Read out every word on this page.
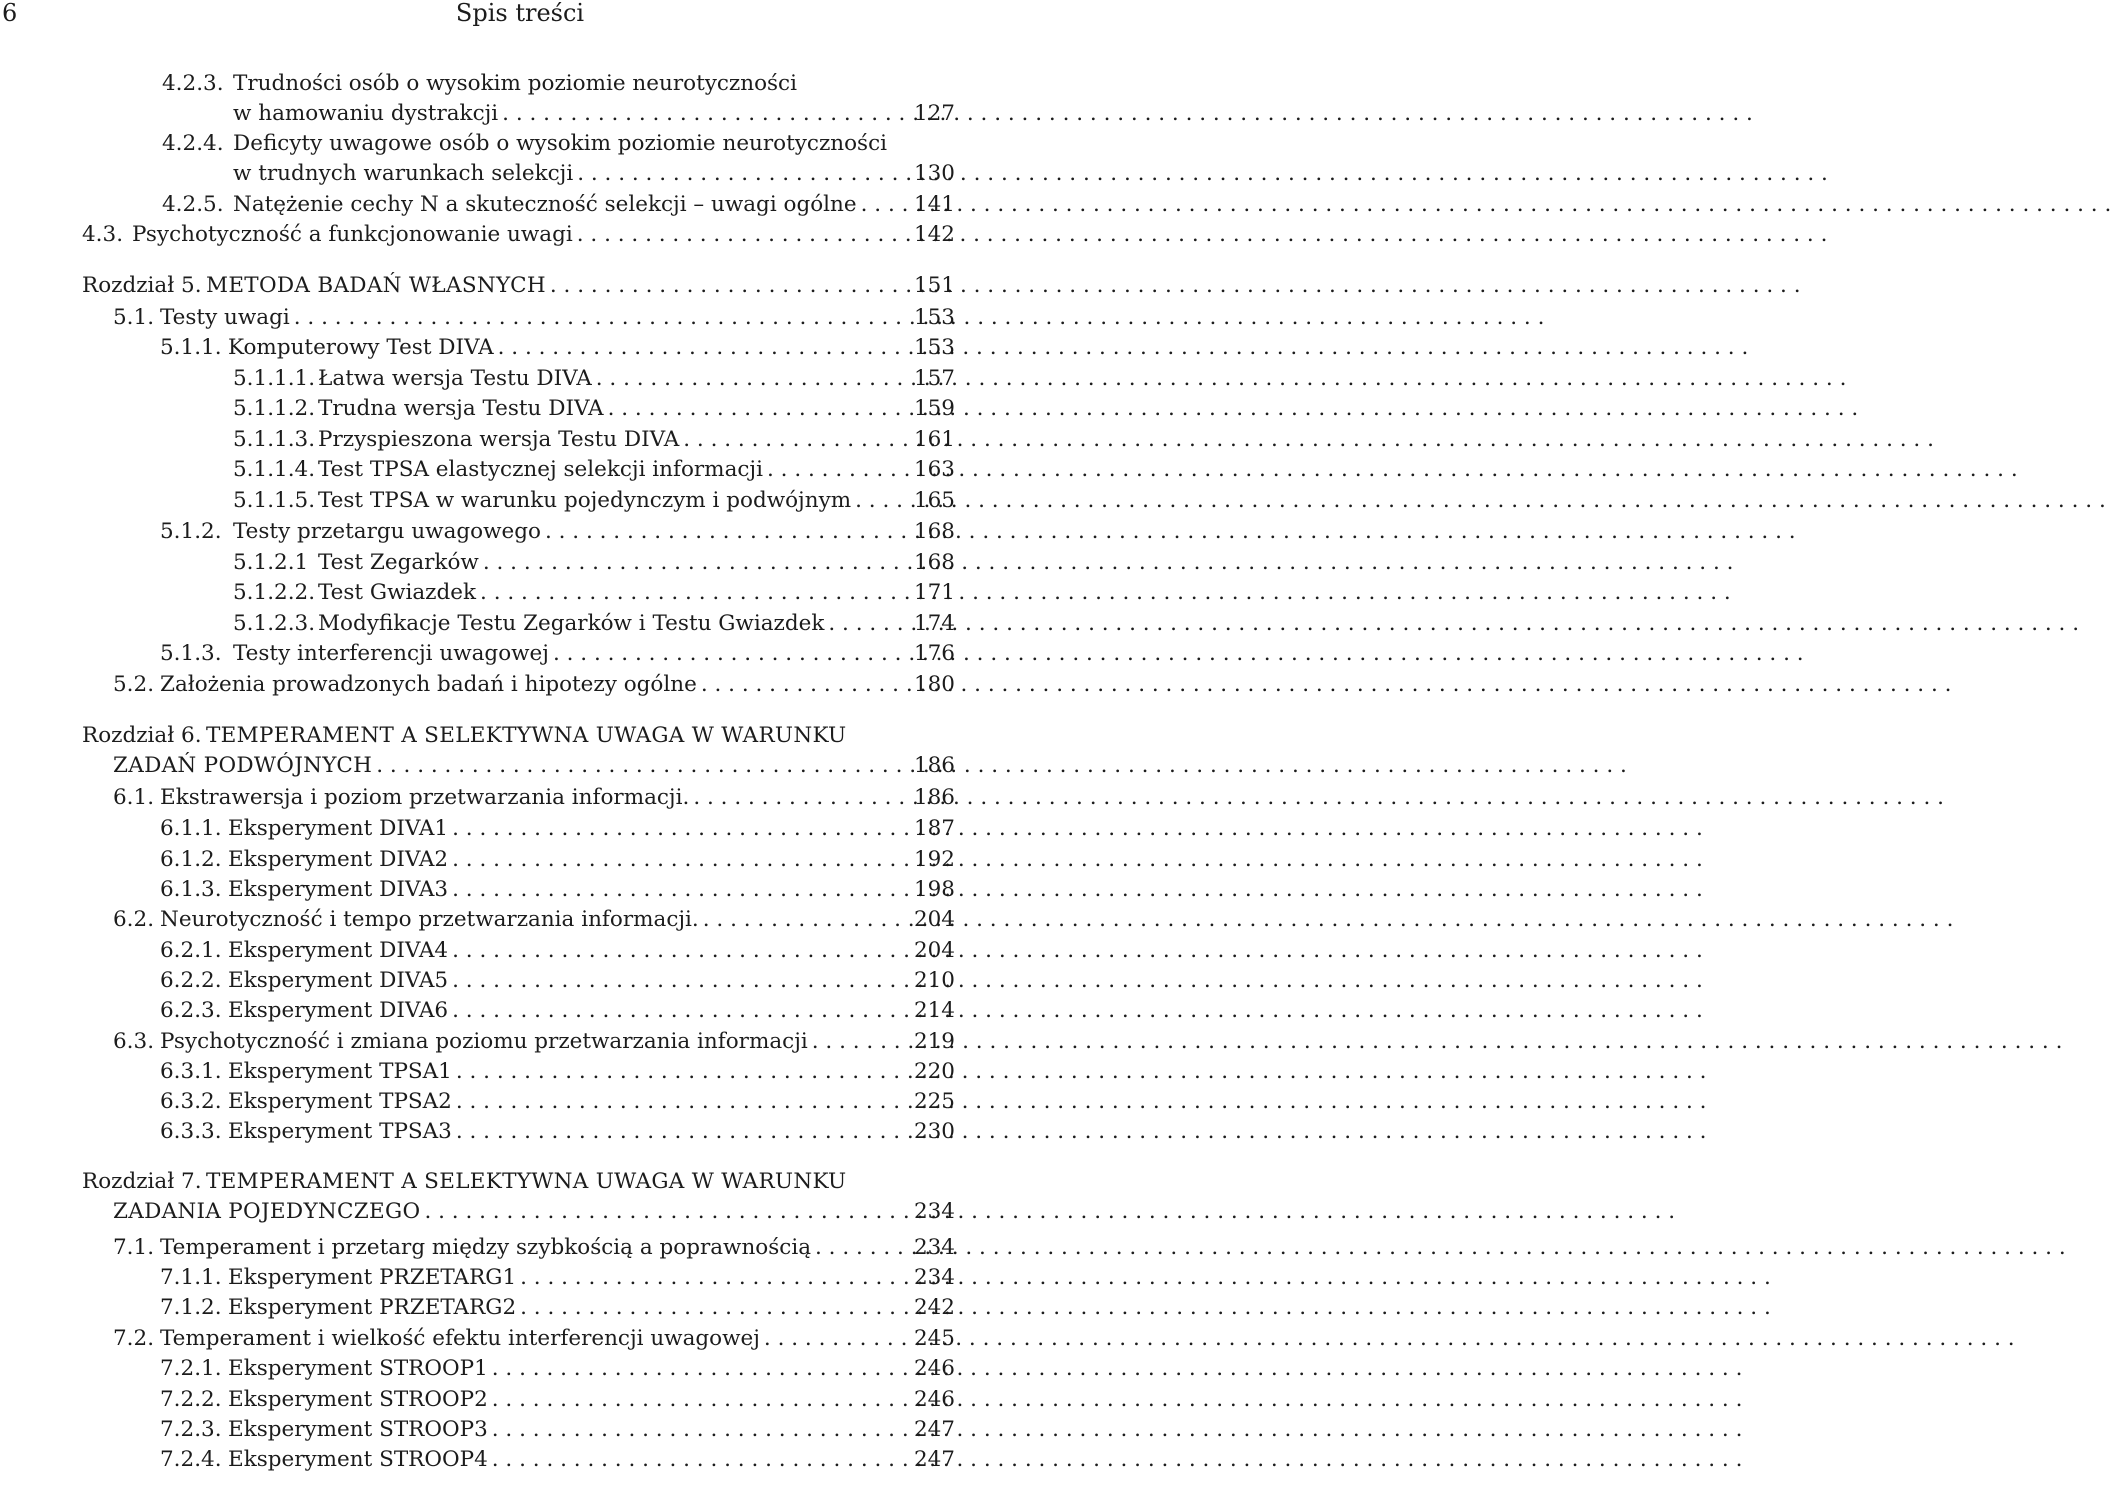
6	Spis treści
4.2.3. Trudności osób o wysokim poziomie neurotyczności
w hamowaniu dystrakcji . . .	127
4.2.4. Deficyty uwagowe osób o wysokim poziomie neurotyczności
w trudnych warunkach selekcji . . .	130
4.2.5. Natężenie cechy N a skuteczność selekcji – uwagi ogólne . . .	141
4.3. Psychotyczność a funkcjonowanie uwagi . . .	142
Rozdział 5. METODA BADAŃ WŁASNYCH . . .	151
5.1. Testy uwagi . . .	153
5.1.1. Komputerowy Test DIVA . . .	153
5.1.1.1. Łatwa wersja Testu DIVA . . .	157
5.1.1.2. Trudna wersja Testu DIVA . . .	159
5.1.1.3. Przyspieszona wersja Testu DIVA . . .	161
5.1.1.4. Test TPSA elastycznej selekcji informacji . . .	163
5.1.1.5. Test TPSA w warunku pojedynczym i podwójnym . . .	165
5.1.2. Testy przetargu uwagowego . . .	168
5.1.2.1 Test Zegarków . . .	168
5.1.2.2. Test Gwiazdek . . .	171
5.1.2.3. Modyfikacje Testu Zegarków i Testu Gwiazdek . . .	174
5.1.3. Testy interferencji uwagowej . . .	176
5.2. Założenia prowadzonych badań i hipotezy ogólne . . .	180
Rozdział 6. TEMPERAMENT A SELEKTYWNA UWAGA W WARUNKU
ZADAŃ PODWÓJNYCH . . .	186
6.1. Ekstrawersja i poziom przetwarzania informacji. . . .	186
6.1.1. Eksperyment DIVA1 . . .	187
6.1.2. Eksperyment DIVA2 . . .	192
6.1.3. Eksperyment DIVA3 . . .	198
6.2. Neurotyczność i tempo przetwarzania informacji. . . .	204
6.2.1. Eksperyment DIVA4 . . .	204
6.2.2. Eksperyment DIVA5 . . .	210
6.2.3. Eksperyment DIVA6 . . .	214
6.3. Psychotyczność i zmiana poziomu przetwarzania informacji . . .	219
6.3.1. Eksperyment TPSA1 . . .	220
6.3.2. Eksperyment TPSA2 . . .	225
6.3.3. Eksperyment TPSA3 . . .	230
Rozdział 7. TEMPERAMENT A SELEKTYWNA UWAGA W WARUNKU
ZADANIA POJEDYNCZEGO . . .	234
7.1. Temperament i przetarg między szybkością a poprawnością . . .	234
7.1.1. Eksperyment PRZETARG1 . . .	234
7.1.2. Eksperyment PRZETARG2 . . .	242
7.2. Temperament i wielkość efektu interferencji uwagowej . . .	245
7.2.1. Eksperyment STROOP1 . . .	246
7.2.2. Eksperyment STROOP2 . . .	246
7.2.3. Eksperyment STROOP3 . . .	247
7.2.4. Eksperyment STROOP4 . . .	247
